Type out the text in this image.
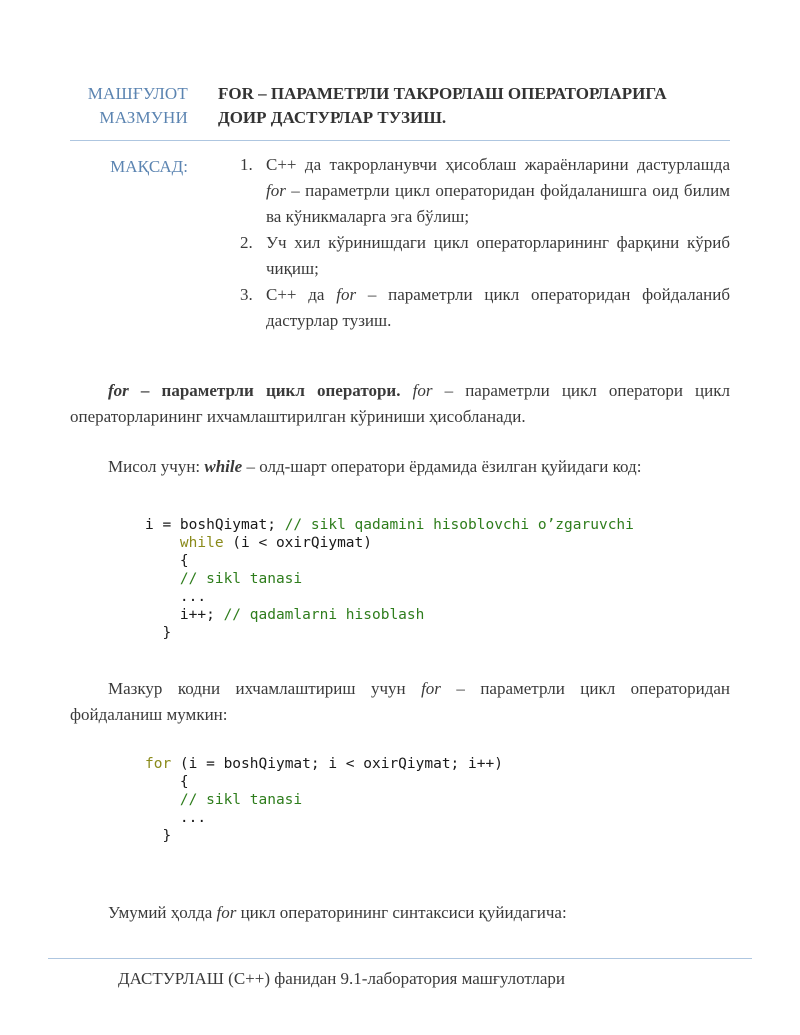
МАШҒУЛОТ
МАЗМУНИ
FOR – ПАРАМЕТРЛИ ТАКРОРЛАШ ОПЕРАТОРЛАРИГА
ДОИР ДАСТУРЛАР ТУЗИШ.
МАҚСАД:	1. С++ да такрорланувчи ҳисоблаш жараёнларини дастурлашда for – параметрли цикл операторидан фойдаланишга оид билим ва кўникмаларга эга бўлиш;
2. Уч хил кўринишдаги цикл операторларининг фарқини кўриб чиқиш;
3. С++ да for – параметрли цикл операторидан фойдаланиб дастурлар тузиш.
for – параметрли цикл оператори. for – параметрли цикл оператори цикл операторларининг ихчамлаштирилган кўриниши ҳисобланади.
Мисол учун: while – олд-шарт оператори ёрдамида ёзилган қуйидаги код:
i = boshQiymat; // sikl qadamini hisoblovchi o’zgaruvchi
while (i < oxirQiymat)
{
// sikl tanasi
...
i++; // qadamlarni hisoblash
}
Мазкур кодни ихчамлаштириш учун for – параметрли цикл операторидан фойдаланиш мумкин:
for (i = boshQiymat; i < oxirQiymat; i++)
{
// sikl tanasi
...
}
Умумий ҳолда for цикл операторининг синтаксиси қуйидагича:
ДАСТУРЛАШ (C++) фанидан 9.1-лаборатория машғулотлари
